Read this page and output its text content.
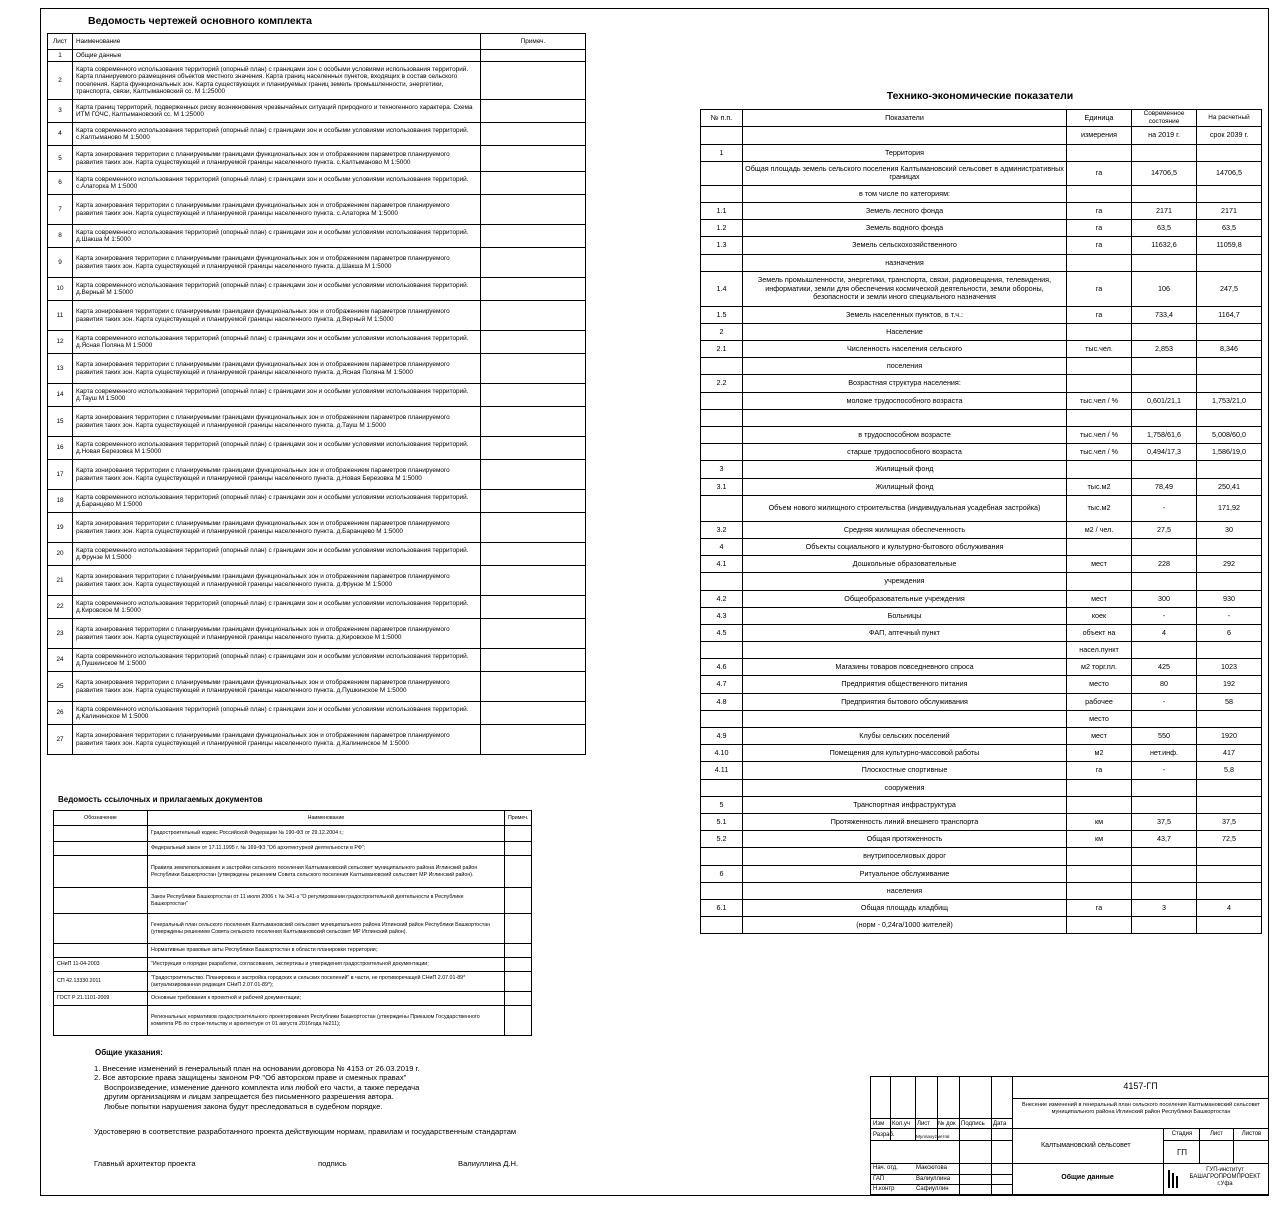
Ведомость чертежей основного комплекта
Лист	Наименование	Примеч.
1	Общие данные	
2	Карта современного использования территорий (опорный план) с границами зон с особыми условиями использования территорий. Карта планируемого размещения объектов местного значения. Карта границ населенных пунктов, входящих в состав сельского поселения. Карта функциональных зон. Карта существующих и планируемых границ земель промышленности, энергетики, транспорта, связи, Калтымановский сс. М 1:25000	
3	Карта границ территорий, подверженных риску возникновения чрезвычайных ситуаций природного и техногенного характера. Схема ИТМ ГОЧС, Калтымановский сс. М 1:25000	
4	Карта современного использования территорий (опорный план) с границами зон и особыми условиями использования территорий. с.Калтыманово М 1:5000	
5	Карта зонирования территории с планируемыми границами функциональных зон и отображением параметров планируемого развития таких зон. Карта существующей и планируемой границы населенного пункта. с.Калтыманово М 1:5000	
6	Карта современного использования территорий (опорный план) с границами зон и особыми условиями использования территорий. с.Алаторка М 1:5000	
7	Карта зонирования территории с планируемыми границами функциональных зон и отображением параметров планируемого развития таких зон. Карта существующей и планируемой границы населенного пункта. с.Алаторка М 1:5000	
8	Карта современного использования территорий (опорный план) с границами зон и особыми условиями использования территорий. д.Шакша М 1:5000	
9	Карта зонирования территории с планируемыми границами функциональных зон и отображением параметров планируемого развития таких зон. Карта существующей и планируемой границы населенного пункта. д.Шакша М 1:5000	
10	Карта современного использования территорий (опорный план) с границами зон и особыми условиями использования территорий. д.Верный М 1:5000	
11	Карта зонирования территории с планируемыми границами функциональных зон и отображением параметров планируемого развития таких зон. Карта существующей и планируемой границы населенного пункта. д.Верный М 1:5000	
12	Карта современного использования территорий (опорный план) с границами зон и особыми условиями использования территорий. д.Ясная Поляна М 1:5000	
13	Карта зонирования территории с планируемыми границами функциональных зон и отображением параметров планируемого развития таких зон. Карта существующей и планируемой границы населенного пункта. д.Ясная Поляна М 1:5000	
14	Карта современного использования территорий (опорный план) с границами зон и особыми условиями использования территорий. д.Тауш М 1:5000	
15	Карта зонирования территории с планируемыми границами функциональных зон и отображением параметров планируемого развития таких зон. Карта существующей и планируемой границы населенного пункта. д.Тауш М 1:5000	
16	Карта современного использования территорий (опорный план) с границами зон и особыми условиями использования территорий. д.Новая Березовка М 1:5000	
17	Карта зонирования территории с планируемыми границами функциональных зон и отображением параметров планируемого развития таких зон. Карта существующей и планируемой границы населенного пункта. д.Новая Березовка М 1:5000	
18	Карта современного использования территорий (опорный план) с границами зон и особыми условиями использования территорий. д.Баранцево М 1:5000	
19	Карта зонирования территории с планируемыми границами функциональных зон и отображением параметров планируемого развития таких зон. Карта существующей и планируемой границы населенного пункта. д.Баранцево М 1:5000	
20	Карта современного использования территорий (опорный план) с границами зон и особыми условиями использования территорий. д.Фрунзе М 1:5000	
21	Карта зонирования территории с планируемыми границами функциональных зон и отображением параметров планируемого развития таких зон. Карта существующей и планируемой границы населенного пункта. д.Фрунзе М 1:5000	
22	Карта современного использования территорий (опорный план) с границами зон и особыми условиями использования территорий. д.Кировское М 1:5000	
23	Карта зонирования территории с планируемыми границами функциональных зон и отображением параметров планируемого развития таких зон. Карта существующей и планируемой границы населенного пункта. д.Кировское М 1:5000	
24	Карта современного использования территорий (опорный план) с границами зон и особыми условиями использования территорий. д.Пушкинское М 1:5000	
25	Карта зонирования территории с планируемыми границами функциональных зон и отображением параметров планируемого развития таких зон. Карта существующей и планируемой границы населенного пункта. д.Пушкинское М 1:5000	
26	Карта современного использования территорий (опорный план) с границами зон и особыми условиями использования территорий. д.Калининское М 1:5000	
27	Карта зонирования территории с планируемыми границами функциональных зон и отображением параметров планируемого развития таких зон. Карта существующей и планируемой границы населенного пункта. д.Калининское М 1:5000	
Ведомость ссылочных и прилагаемых документов
Обозначение	Наименование	Примеч.
	Градостроительный кодекс Российской Федерации № 190-ФЗ от 29.12.2004 г.;	
	Федеральный закон от 17.11.1995 г. № 169-ФЗ "Об архитектурной деятельности в РФ";	
	Правила землепользования и застройки сельского поселения Калтымановский сельсовет муниципального района Иглинский район Республики Башкортостан (утверждены решением Совета сельского поселения Калтымановский сельсовет МР Иглинский район).	
	Закон Республики Башкортостан от 11 июля 2006 г. № 341-з "О регулировании градостроительной деятельности в Республике Башкортостан"	
	Генеральный план сельского поселения Калтымановский сельсовет муниципального района Иглинский район Республики Башкортостан (утверждены решением Совета сельского поселения Калтымановский сельсовет МР Иглинский район).	
	Нормативные правовые акты Республики Башкортостан в области планировки территории;	
СНиП 11-04-2003	"Инструкция о порядке разработки, согласования, экспертизы и утверждения градостроительной документации;	
СП 42.13330.2011	"Градостроительство. Планировка и застройка городских и сельских поселений" в части, не противоречащей СНиП 2.07.01-89* (актуализированная редакция СНиП 2.07.01-89*);	
ГОСТ Р 21.1101-2009	Основные требования к проектной и рабочей документации;	
	Региональных нормативов градостроительного проектирования Республики Башкортостан (утверждены Приказом Государственного комитета РБ по строи-тельству и архитектуре от 01 августа 2016года №211);	
Технико-экономические показатели
№ п.п.	Показатели	Единица	Современное состояние	На расчетный
		измерения	на 2019 г.	срок 2039 г.
1	Территория			
	Общая площадь земель сельского поселения Калтымановский сельсовет в административных границах	га	14706,5	14706,5
	в том числе по категориям:			
1.1	Земель лесного фонда	га	2171	2171
1.2	Земель водного фонда	га	63,5	63,5
1.3	Земель сельскохозяйственного	га	11632,6	11059,8
	назначения			
1.4	Земель промышленности, энергетики, транспорта, связи, радиовещания, телевидения, информатики, земли для обеспечения космической деятельности, земли обороны, безопасности и земли иного специального назначения	га	106	247,5
1.5	Земель населенных пунктов, в т.ч.:	га	733,4	1164,7
2	Население			
2.1	Численность населения сельского	тыс.чел.	2,853	8,346
	поселения			
2.2	Возрастная структура населения:			
	моложе трудоспособного возраста	тыс.чел / %	0,601/21,1	1,753/21,0

	в трудоспособном возрасте	тыс.чел / %	1,758/61,6	5,008/60,0
	старше трудоспособного возраста	тыс.чел / %	0,494/17,3	1,586/19,0
3	Жилищный фонд			
3.1	Жилищный фонд	тыс.м2	78,49	250,41
	Объем нового жилищного строительства (индивидуальная усадебная застройка)	тыс.м2	-	171,92
3.2	Средняя жилищная обеспеченность	м2 / чел.	27,5	30
4	Объекты социального и культурно-бытового обслуживания			
4.1	Дошкольные образовательные	мест	228	292
	учреждения			
4.2	Общеобразовательные учреждения	мест	300	930
4.3	Больницы	коек	-	-
4.5	ФАП, аптечный пункт	объект на	4	6
		насел.пункт		
4.6	Магазины товаров повседневного спроса	м2 торг.пл.	425	1023
4.7	Предприятия общественного питания	место	80	192
4.8	Предприятия бытового обслуживания	рабочее	-	58
		место		
4.9	Клубы сельских поселений	мест	550	1920
4.10	Помещения для культурно-массовой работы	м2	нет.инф.	417
4.11	Плоскостные спортивные	га	-	5,8
	сооружения			
5	Транспортная инфраструктура			
5.1	Протяженность линий внешнего транспорта	км	37,5	37,5
5.2	Общая протяженность	км	43,7	72,5
	внутрипоселковых дорог			
6	Ритуальное обслуживание			
	населения			
6.1	Общая площадь кладбищ	га	3	4
	(норм - 0,24га/1000 жителей)			
Общие указания:
1. Внесение изменений в генеральный план на основании договора № 4153 от 26.03.2019 г.
2. Все авторские права защищены законом РФ "Об авторском праве и смежных правах"
Воспроизведение, изменение данного комплекта или любой его части, а также передача
другим организациям и лицам запрещается без письменного разрешения автора.
Любые попытки нарушения закона будут преследоваться в судебном порядке.
Удостоверяю в соответствие разработанного проекта действующим нормам, правилам и государственным стандартам
Главный архитектор проекта	подпись	Валиуллина Д.Н.
4157-ГП
Внесение изменений в генеральный план сельского поселения Калтымановский сельсовет муниципального района Иглинский район Республики Башкортостан
Изм Кол.уч Лист № док Подпись Дата
Разраб.	Муллахуzметов
Калтымановский сельсовет
Стадия	Лист	Листов
ГП
Нач. отд.	Максютова
ГАП	Валиуллина
Н.контр	Сафиуллин
Общие данные
ГУП-институт
БАШАГРОПРОМПРОЕКТ
г.Уфа
